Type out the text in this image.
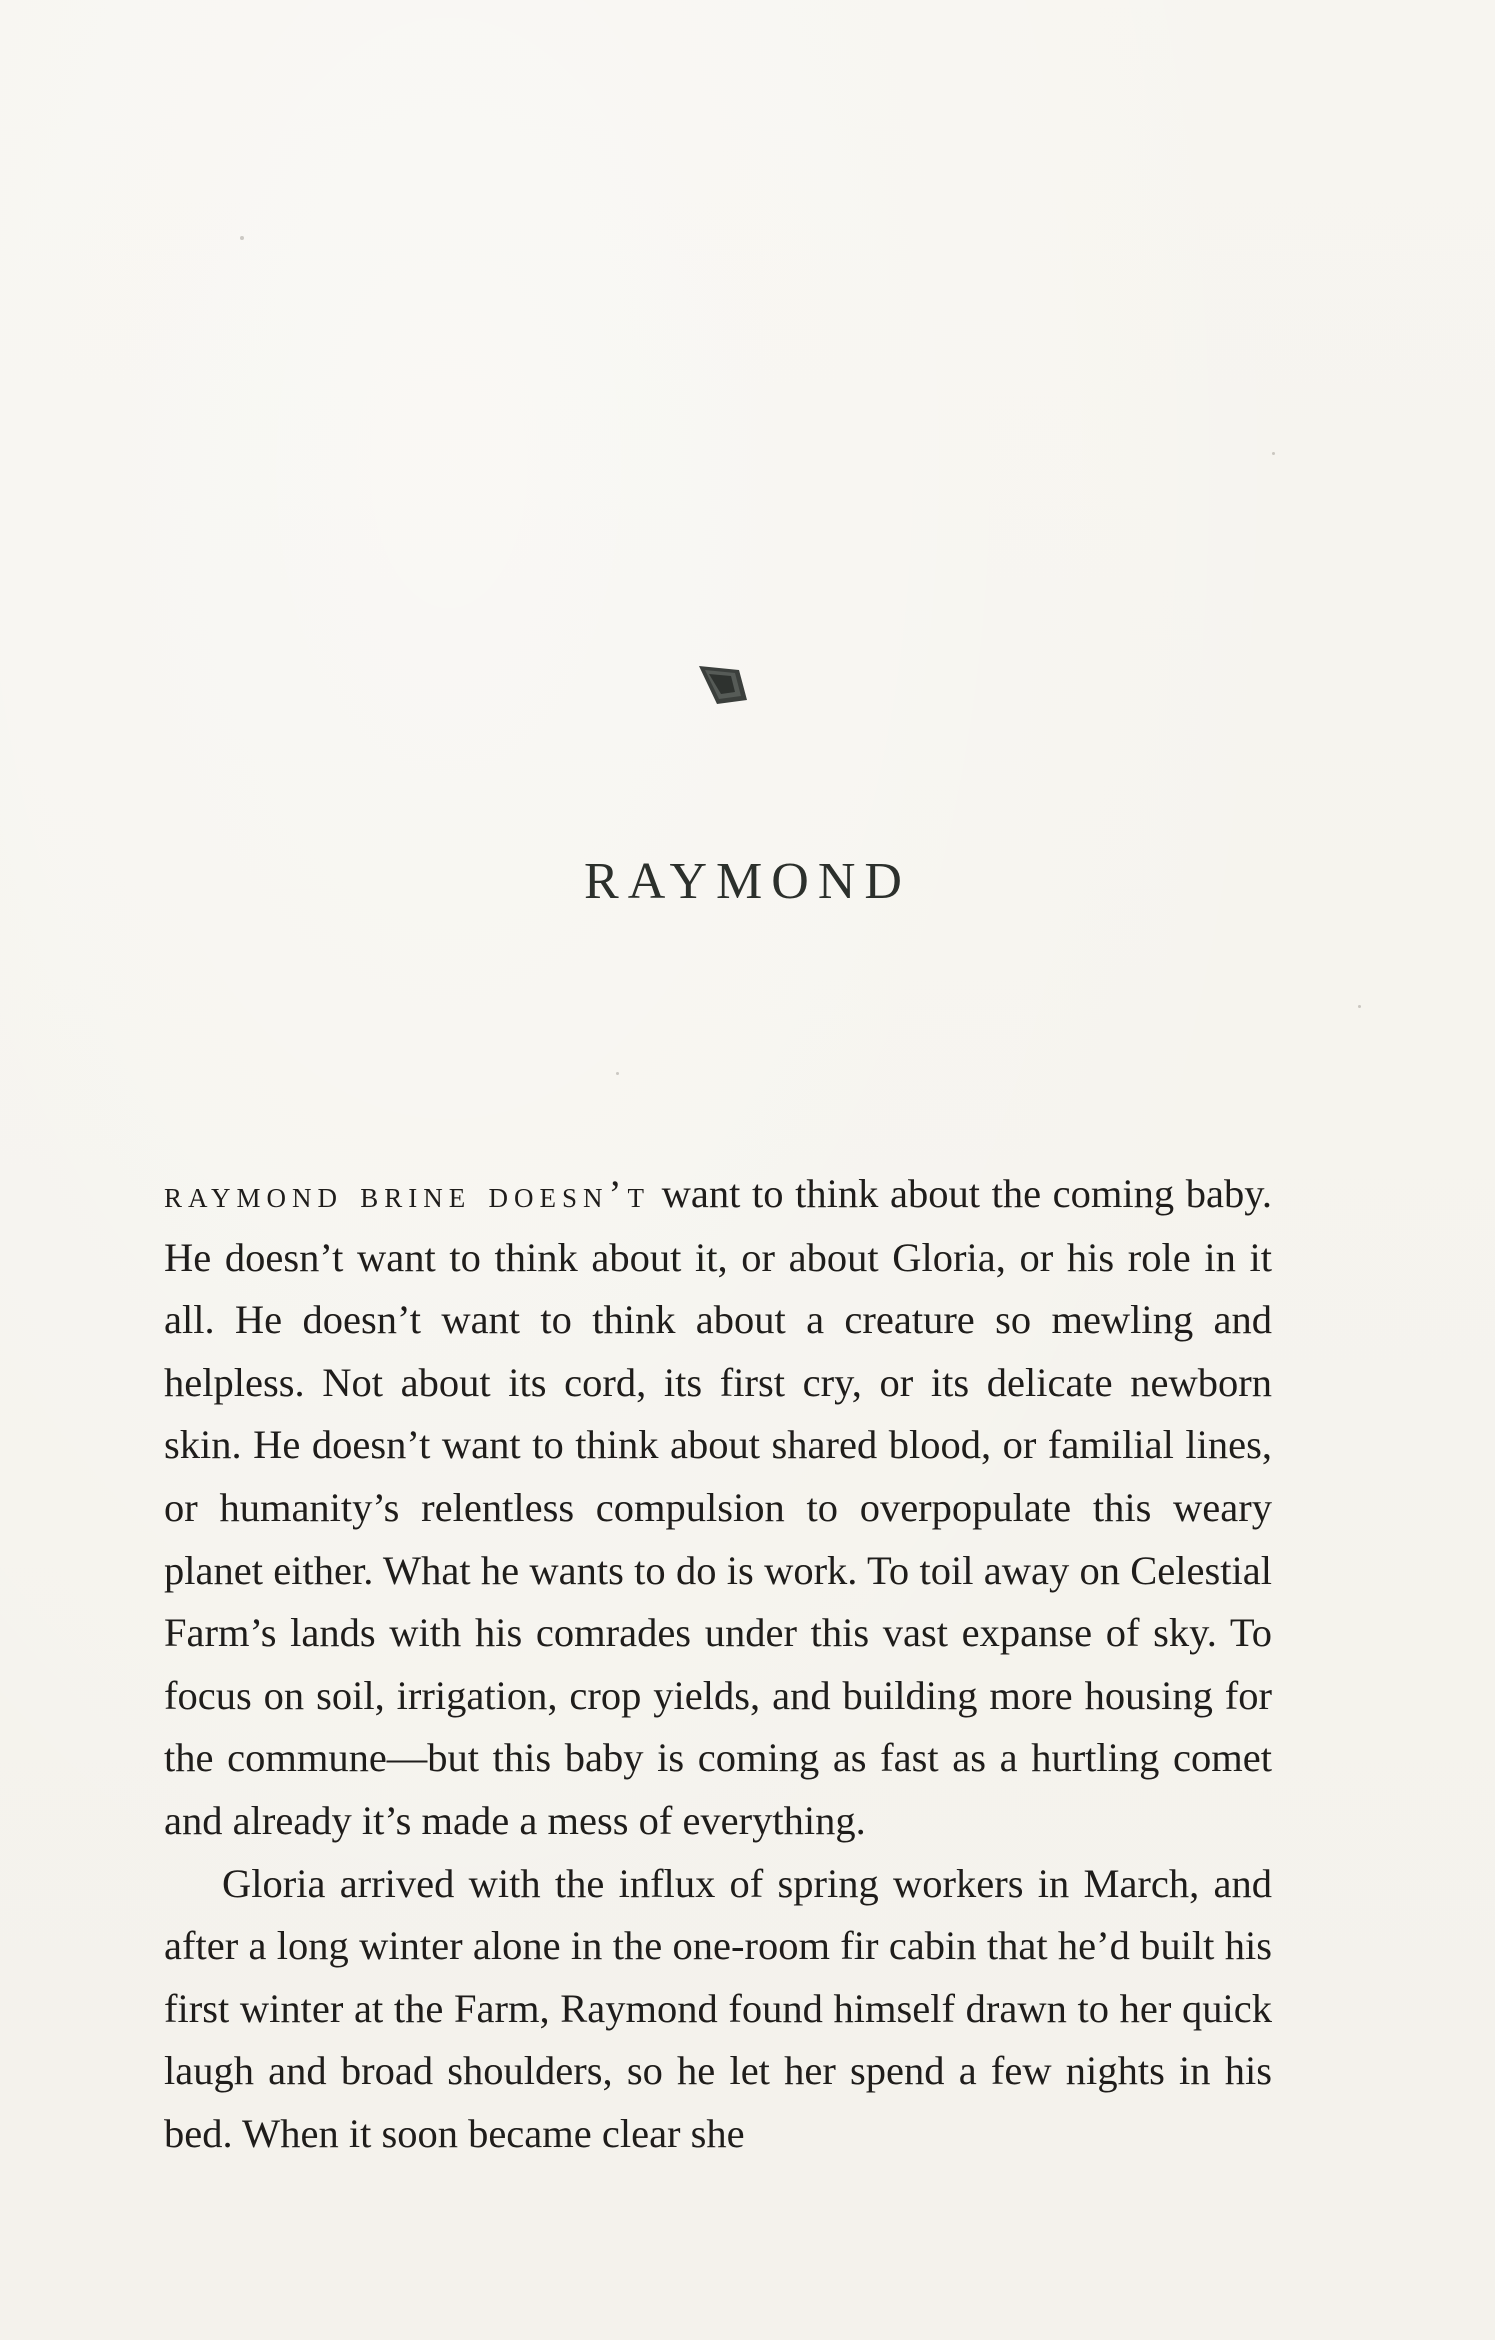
RAYMOND

raymond brine doesn’t want to think about the coming baby. He doesn’t want to think about it, or about Gloria, or his role in it all. He doesn’t want to think about a creature so mewling and helpless. Not about its cord, its first cry, or its delicate newborn skin. He doesn’t want to think about shared blood, or familial lines, or humanity’s relentless compulsion to overpopulate this weary planet either. What he wants to do is work. To toil away on Celestial Farm’s lands with his comrades under this vast expanse of sky. To focus on soil, irrigation, crop yields, and building more housing for the commune—but this baby is coming as fast as a hurtling comet and already it’s made a mess of everything.

Gloria arrived with the influx of spring workers in March, and after a long winter alone in the one-room fir cabin that he’d built his first winter at the Farm, Raymond found himself drawn to her quick laugh and broad shoulders, so he let her spend a few nights in his bed. When it soon became clear she
